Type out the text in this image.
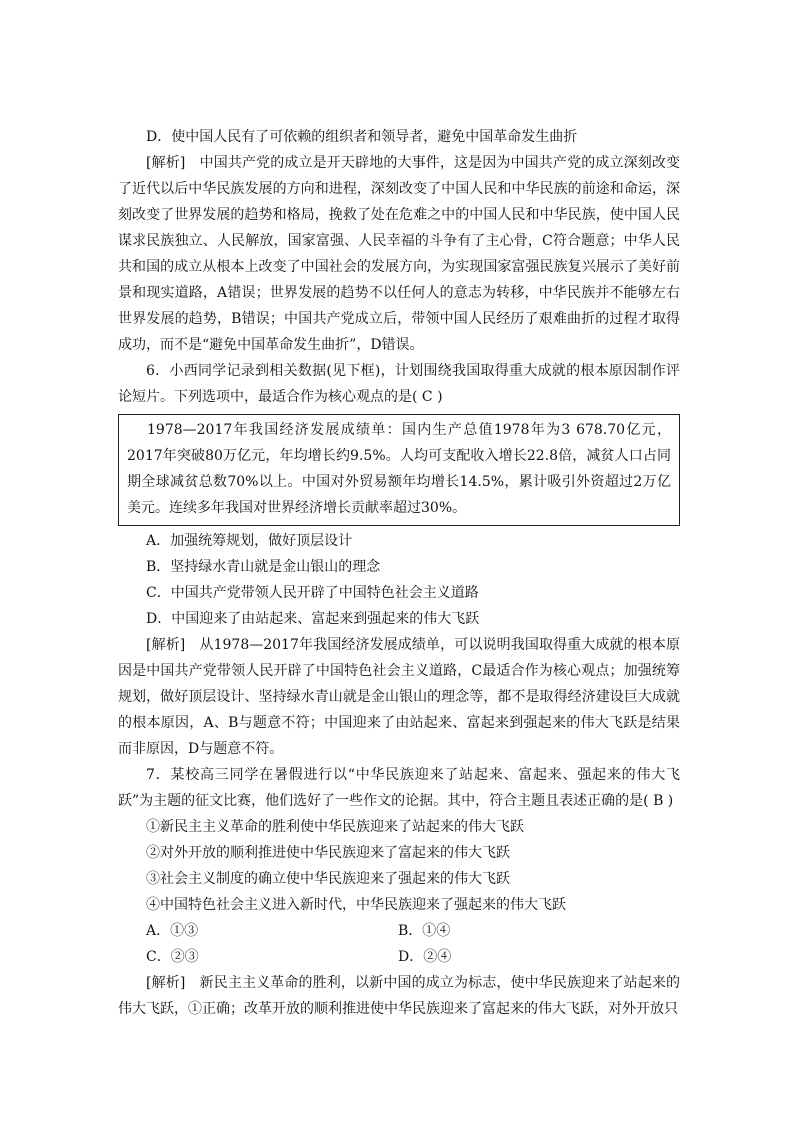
D．使中国人民有了可依赖的组织者和领导者，避免中国革命发生曲折

[解析]　中国共产党的成立是开天辟地的大事件，这是因为中国共产党的成立深刻改变了近代以后中华民族发展的方向和进程，深刻改变了中国人民和中华民族的前途和命运，深刻改变了世界发展的趋势和格局，挽救了处在危难之中的中国人民和中华民族，使中国人民谋求民族独立、人民解放，国家富强、人民幸福的斗争有了主心骨，C符合题意；中华人民共和国的成立从根本上改变了中国社会的发展方向，为实现国家富强民族复兴展示了美好前景和现实道路，A错误；世界发展的趋势不以任何人的意志为转移，中华民族并不能够左右世界发展的趋势，B错误；中国共产党成立后，带领中国人民经历了艰难曲折的过程才取得成功，而不是“避免中国革命发生曲折”，D错误。

6．小西同学记录到相关数据(见下框)，计划围绕我国取得重大成就的根本原因制作评论短片。下列选项中，最适合作为核心观点的是( C )

1978—2017年我国经济发展成绩单：国内生产总值1978年为3 678.70亿元，2017年突破80万亿元，年均增长约9.5%。人均可支配收入增长22.8倍，减贫人口占同期全球减贫总数70%以上。中国对外贸易额年均增长14.5%，累计吸引外资超过2万亿美元。连续多年我国对世界经济增长贡献率超过30%。

A．加强统筹规划，做好顶层设计

B．坚持绿水青山就是金山银山的理念

C．中国共产党带领人民开辟了中国特色社会主义道路

D．中国迎来了由站起来、富起来到强起来的伟大飞跃

[解析]　从1978—2017年我国经济发展成绩单，可以说明我国取得重大成就的根本原因是中国共产党带领人民开辟了中国特色社会主义道路，C最适合作为核心观点；加强统筹规划，做好顶层设计、坚持绿水青山就是金山银山的理念等，都不是取得经济建设巨大成就的根本原因，A、B与题意不符；中国迎来了由站起来、富起来到强起来的伟大飞跃是结果而非原因，D与题意不符。

7．某校高三同学在暑假进行以“中华民族迎来了站起来、富起来、强起来的伟大飞跃”为主题的征文比赛，他们选好了一些作文的论据。其中，符合主题且表述正确的是( B )

①新民主主义革命的胜利使中华民族迎来了站起来的伟大飞跃

②对外开放的顺利推进使中华民族迎来了富起来的伟大飞跃

③社会主义制度的确立使中华民族迎来了强起来的伟大飞跃

④中国特色社会主义进入新时代，中华民族迎来了强起来的伟大飞跃

A．①③	B．①④
C．②③	D．②④

[解析]　新民主主义革命的胜利，以新中国的成立为标志，使中华民族迎来了站起来的伟大飞跃，①正确；改革开放的顺利推进使中华民族迎来了富起来的伟大飞跃，对外开放只
